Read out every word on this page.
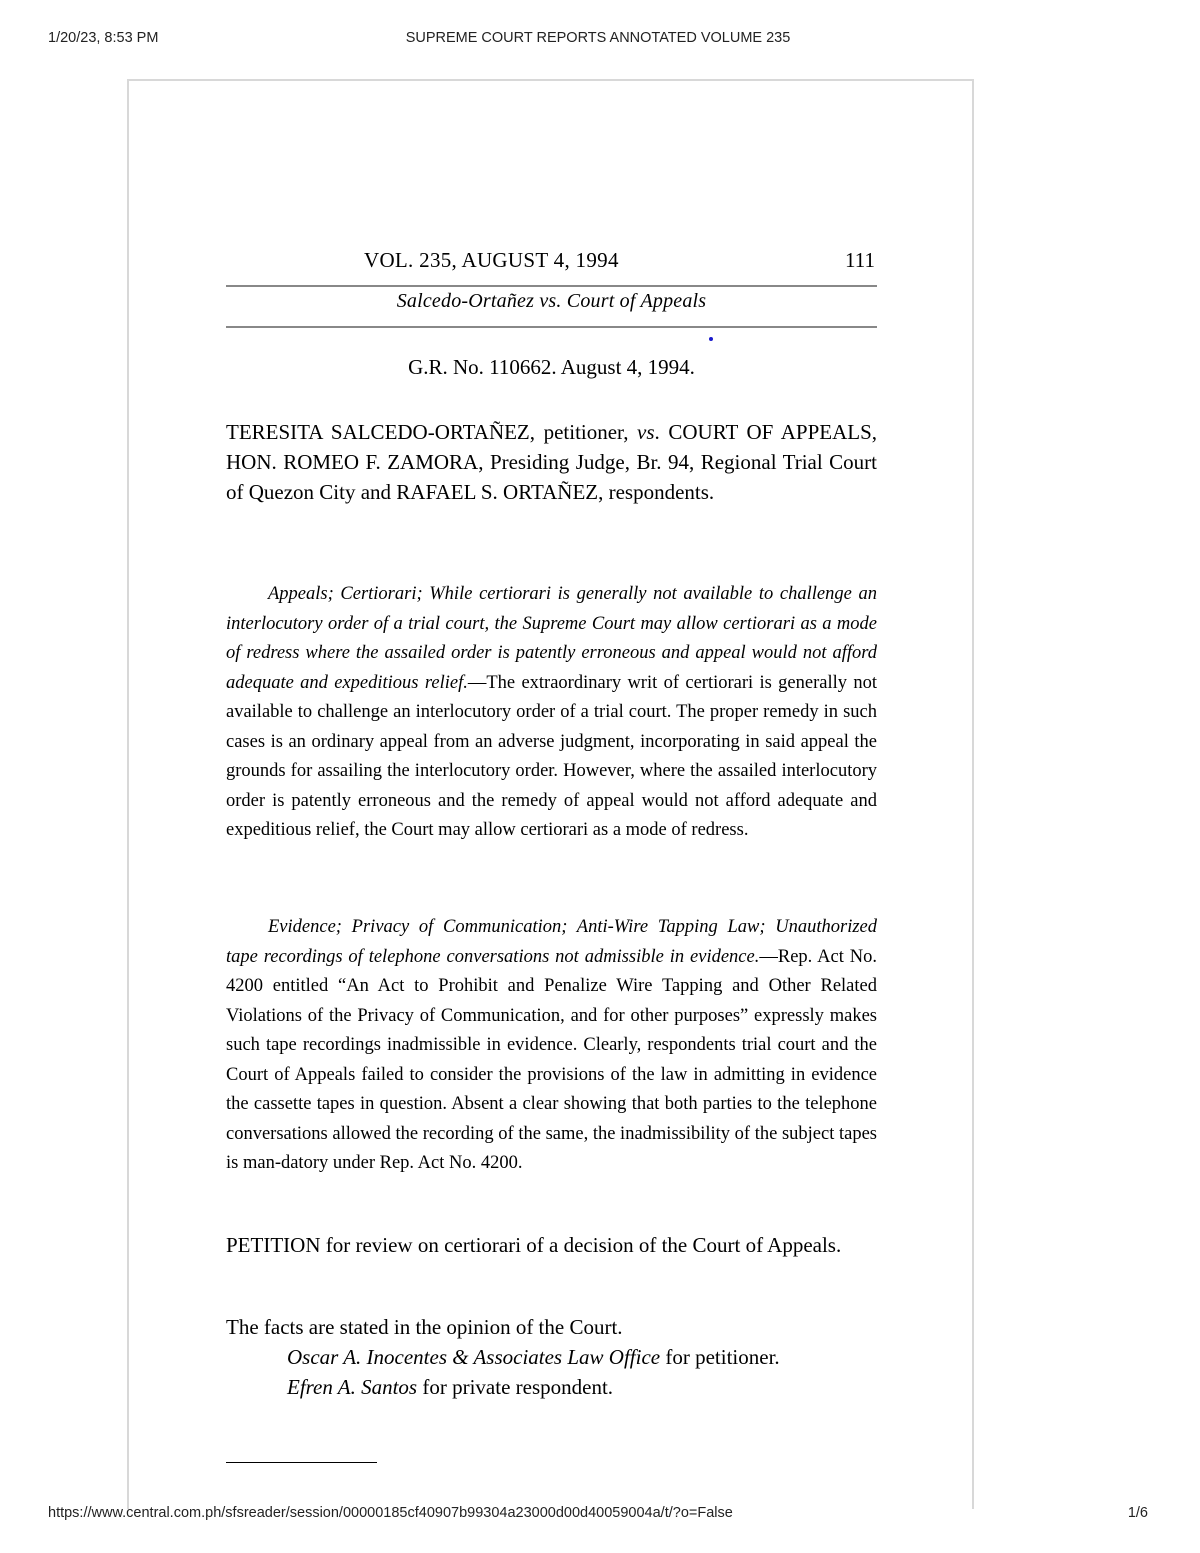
1/20/23, 8:53 PM	SUPREME COURT REPORTS ANNOTATED VOLUME 235
VOL. 235, AUGUST 4, 1994	111
Salcedo-Ortañez vs. Court of Appeals
G.R. No. 110662. August 4, 1994.

TERESITA SALCEDO-ORTAÑEZ, petitioner, vs. COURT OF APPEALS, HON. ROMEO F. ZAMORA, Presiding Judge, Br. 94, Regional Trial Court of Quezon City and RAFAEL S. ORTAÑEZ, respondents.

Appeals; Certiorari; While certiorari is generally not available to challenge an interlocutory order of a trial court, the Supreme Court may allow certiorari as a mode of redress where the assailed order is patently erroneous and appeal would not afford adequate and expeditious relief.—The extraordinary writ of certiorari is generally not available to challenge an interlocutory order of a trial court. The proper remedy in such cases is an ordinary appeal from an adverse judgment, incorporating in said appeal the grounds for assailing the interlocutory order. However, where the assailed interlocutory order is patently erroneous and the remedy of appeal would not afford adequate and expeditious relief, the Court may allow certiorari as a mode of redress.

Evidence; Privacy of Communication; Anti-Wire Tapping Law; Unauthorized tape recordings of telephone conversations not admissible in evidence.—Rep. Act No. 4200 entitled “An Act to Prohibit and Penalize Wire Tapping and Other Related Violations of the Privacy of Communication, and for other purposes” expressly makes such tape recordings inadmissible in evidence. Clearly, respondents trial court and the Court of Appeals failed to consider the provisions of the law in admitting in evidence the cassette tapes in question. Absent a clear showing that both parties to the telephone conversations allowed the recording of the same, the inadmissibility of the subject tapes is man-datory under Rep. Act No. 4200.

PETITION for review on certiorari of a decision of the Court of Appeals.

The facts are stated in the opinion of the Court.

Oscar A. Inocentes & Associates Law Office for petitioner.

Efren A. Santos for private respondent.

https://www.central.com.ph/sfsreader/session/00000185cf40907b99304a23000d00d40059004a/t/?o=False	1/6
